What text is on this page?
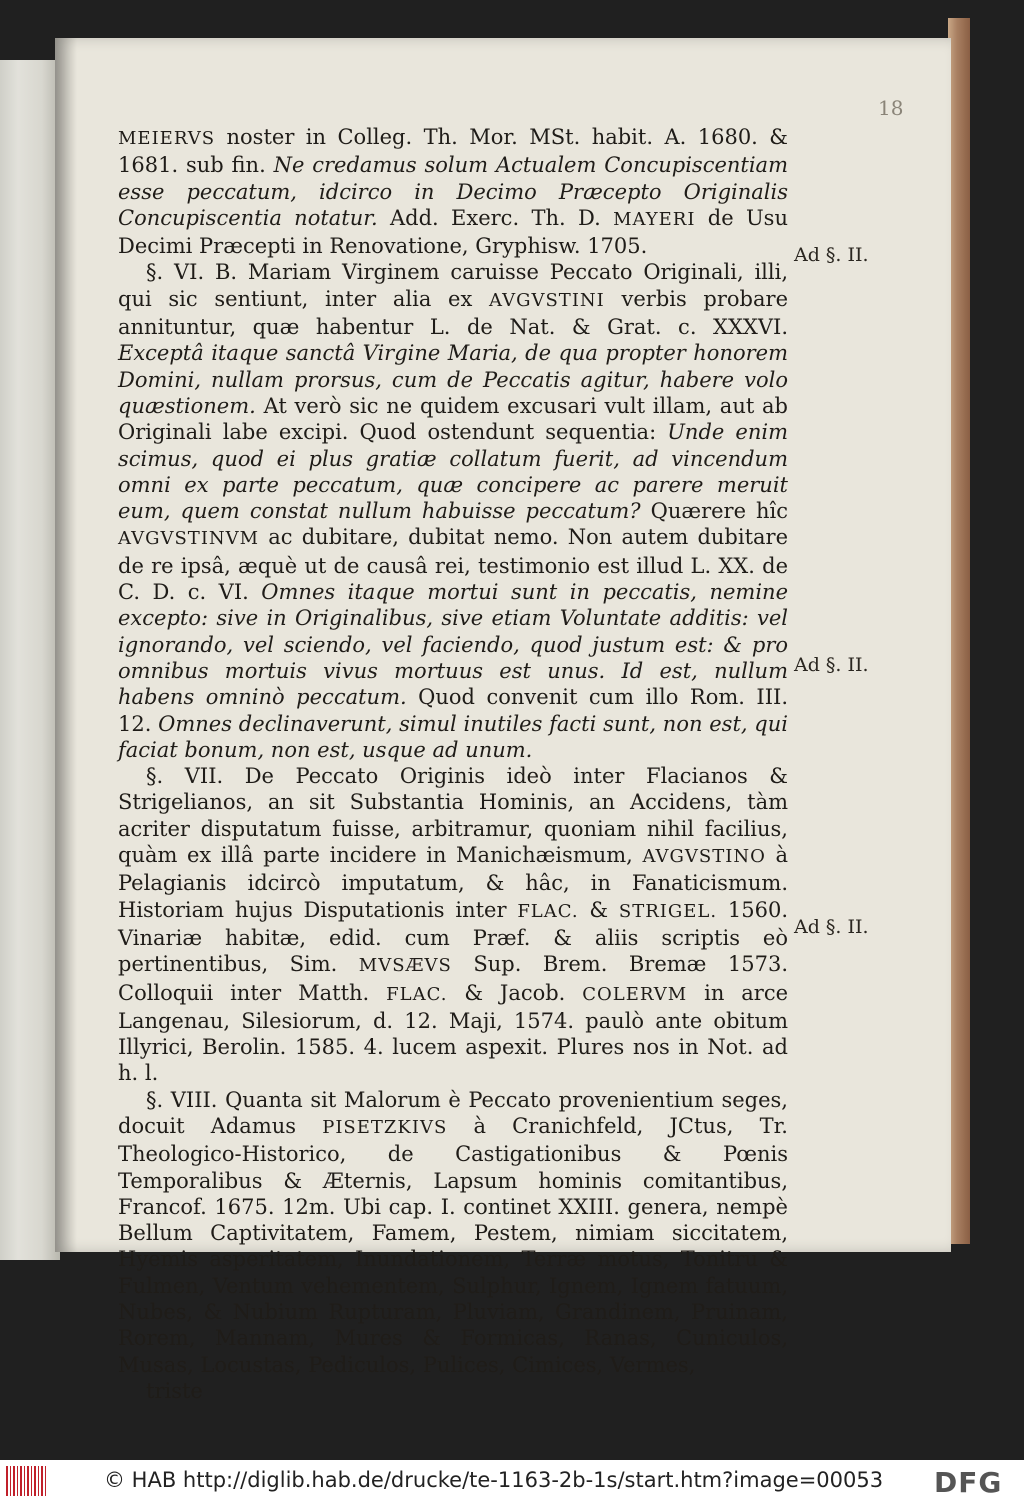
18

MEIERVS noster in Colleg. Th. Mor. MSt. habit. A. 1680. & 1681. sub fin. Ne credamus solum Actualem Concupiscentiam esse peccatum, idcirco in Decimo Præcepto Originalis Concupiscentia notatur. Add. Exerc. Th. D. MAYERI de Usu Decimi Præcepti in Renovatione, Gryphisw. 1705.

§. VI. B. Mariam Virginem caruisse Peccato Originali, illi, qui sic sentiunt, inter alia ex AVGVSTINI verbis probare annituntur, quæ habentur L. de Nat. & Grat. c. XXXVI. Exceptâ itaque sanctâ Virgine Maria, de qua propter honorem Domini, nullam prorsus, cum de Peccatis agitur, habere volo quæstionem. At verò sic ne quidem excusari vult illam, aut ab Originali labe excipi. Quod ostendunt sequentia: Unde enim scimus, quod ei plus gratiæ collatum fuerit, ad vincendum omni ex parte peccatum, quæ concipere ac parere meruit eum, quem constat nullum habuisse peccatum? Quærere hîc AVGVSTINVM ac dubitare, dubitat nemo. Non autem dubitare de re ipsâ, æquè ut de causâ rei, testimonio est illud L. XX. de C. D. c. VI. Omnes itaque mortui sunt in peccatis, nemine excepto: sive in Originalibus, sive etiam Voluntate additis: vel ignorando, vel sciendo, vel faciendo, quod justum est: & pro omnibus mortuis vivus mortuus est unus. Id est, nullum habens omninò peccatum. Quod convenit cum illo Rom. III. 12. Omnes declinaverunt, simul inutiles facti sunt, non est, qui faciat bonum, non est, usque ad unum.

§. VII. De Peccato Originis ideò inter Flacianos & Strigelianos, an sit Substantia Hominis, an Accidens, tàm acriter disputatum fuisse, arbitramur, quoniam nihil facilius, quàm ex illâ parte incidere in Manichæismum, AVGVSTINO à Pelagianis idcircò imputatum, & hâc, in Fanaticismum. Historiam hujus Disputationis inter FLAC. & STRIGEL. 1560. Vinariæ habitæ, edid. cum Præf. & aliis scriptis eò pertinentibus, Sim. MVSÆVS Sup. Brem. Bremæ 1573. Colloquii inter Matth. FLAC. & Jacob. COLERVM in arce Langenau, Silesiorum, d. 12. Maji, 1574. paulò ante obitum Illyrici, Berolin. 1585. 4. lucem aspexit. Plures nos in Not. ad h. l.

§. VIII. Quanta sit Malorum è Peccato provenientium seges, docuit Adamus PISETZKIVS à Cranichfeld, JCtus, Tr. Theologico-Historico, de Castigationibus & Pœnis Temporalibus & Æternis, Lapsum hominis comitantibus, Francof. 1675. 12m. Ubi cap. I. continet XXIII. genera, nempè Bellum Captivitatem, Famem, Pestem, nimiam siccitatem, Hyemis asperitatem, Inundationem, Terræ motus, Tonitru & Fulmen, Ventum vehementem, Sulphur, Ignem, Ignem fatuum, Nubes, & Nubium Rupturam, Pluviam, Grandinem, Pruinam, Rorem, Mannam, Mures & Formicas, Ranas, Cuniculos, Musas, Locustas, Pediculos, Pulices, Cimices, Vermes,

triste

Ad §. II.
Ad §. II.
Ad §. II.
© HAB http://diglib.hab.de/drucke/te-1163-2b-1s/start.htm?image=00053 DFG
